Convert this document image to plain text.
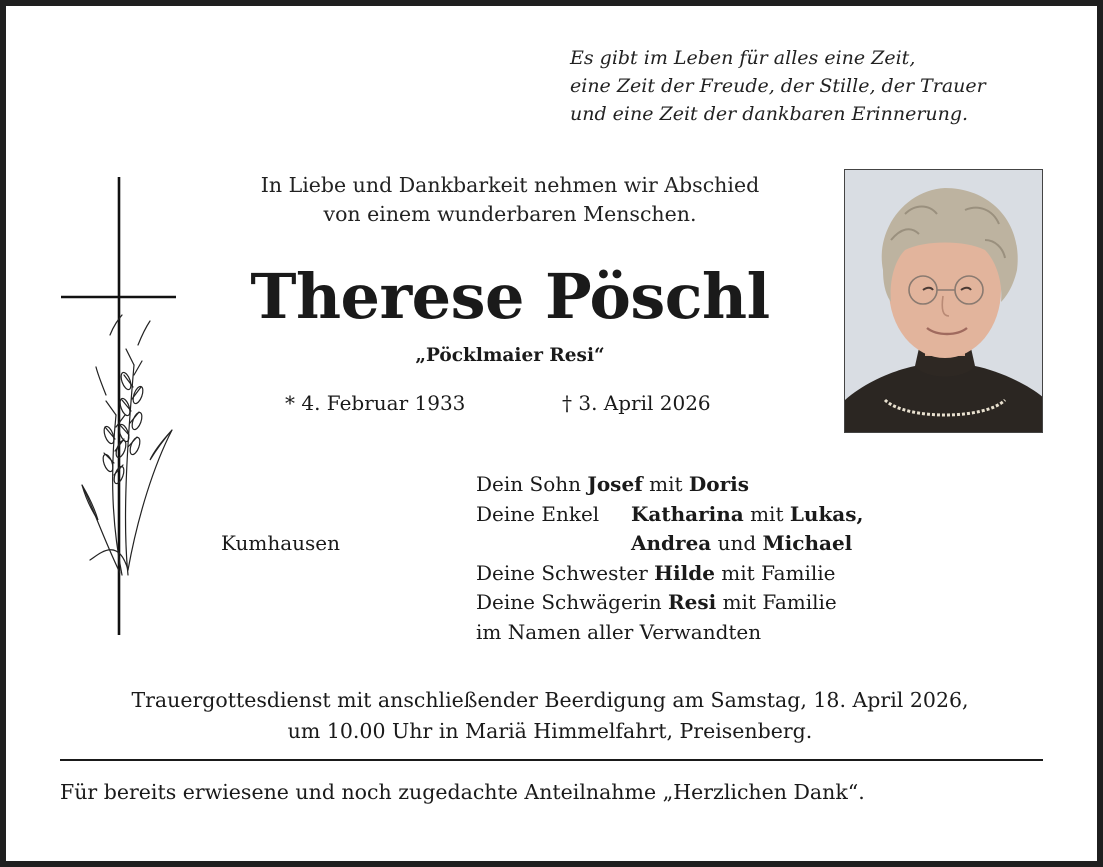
Es gibt im Leben für alles eine Zeit,
eine Zeit der Freude, der Stille, der Trauer
und eine Zeit der dankbaren Erinnerung.
In Liebe und Dankbarkeit nehmen wir Abschied
von einem wunderbaren Menschen.
Therese Pöschl
„Pöcklmaier Resi“
* 4. Februar 1933	† 3. April 2026
Kumhausen
Dein Sohn Josef mit Doris
Deine Enkel Katharina mit Lukas,
Andrea und Michael
Deine Schwester Hilde mit Familie
Deine Schwägerin Resi mit Familie
im Namen aller Verwandten
Trauergottesdienst mit anschließender Beerdigung am Samstag, 18. April 2026,
um 10.00 Uhr in Mariä Himmelfahrt, Preisenberg.
Für bereits erwiesene und noch zugedachte Anteilnahme „Herzlichen Dank“.
